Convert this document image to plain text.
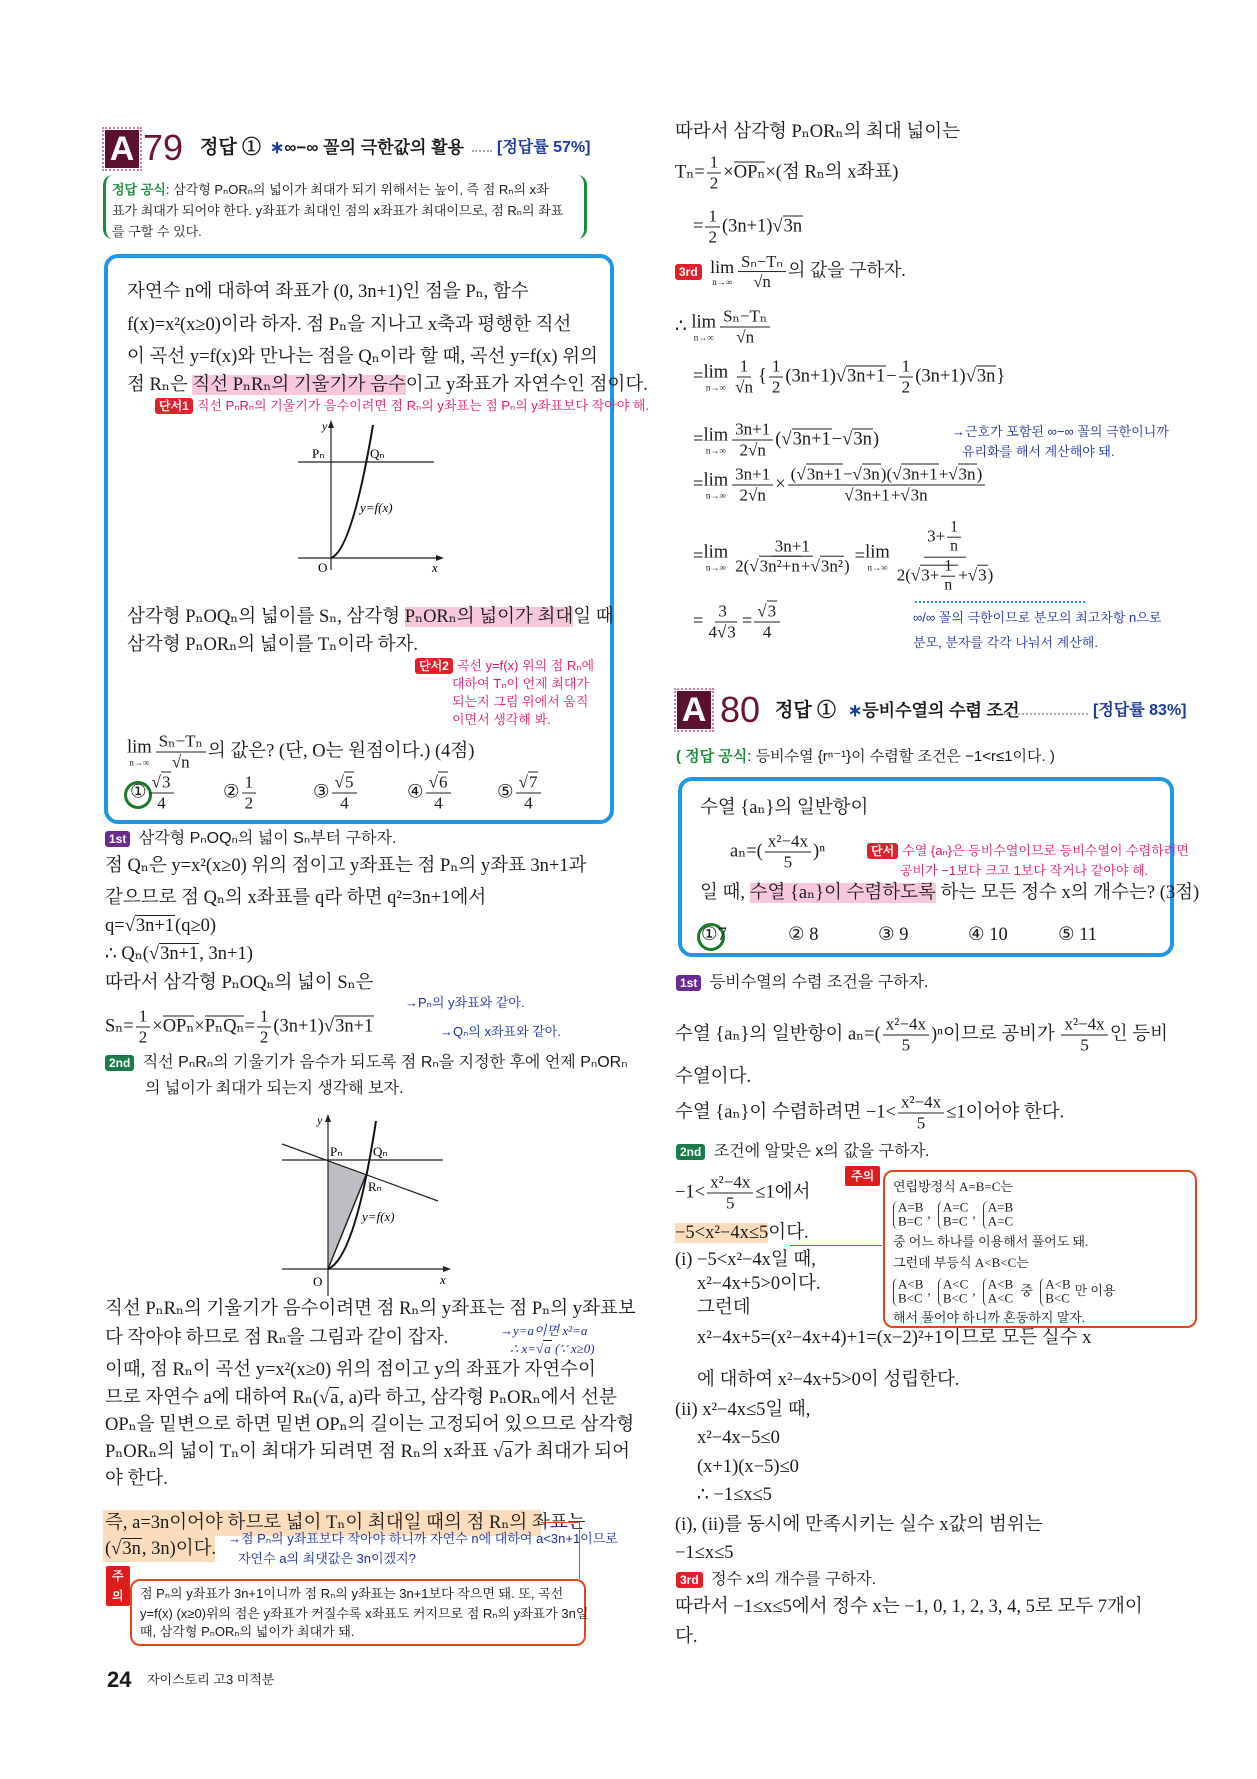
A 79 정답 ① ∗∞−∞ 꼴의 극한값의 활용 [정답률 57%]
정답 공식: 삼각형 PₙORₙ의 넓이가 최대가 되기 위해서는 높이, 즉 점 Rₙ의 x좌
표가 최대가 되어야 한다. y좌표가 최대인 점의 x좌표가 최대이므로, 점 Rₙ의 좌표
를 구할 수 있다.
자연수 n에 대하여 좌표가 (0, 3n+1)인 점을 Pₙ, 함수
f(x)=x²(x≥0)이라 하자. 점 Pₙ을 지나고 x축과 평행한 직선
이 곡선 y=f(x)와 만나는 점을 Qₙ이라 할 때, 곡선 y=f(x) 위의
점 Rₙ은 직선 PₙRₙ의 기울기가 음수이고 y좌표가 자연수인 점이다.
단서1 직선 PₙRₙ의 기울기가 음수이려면 점 Rₙ의 y좌표는 점 Pₙ의 y좌표보다 작아야 해.
y
Pₙ	Qₙ
y=f(x)
O	x
삼각형 PₙOQₙ의 넓이를 Sₙ, 삼각형 PₙORₙ의 넓이가 최대일 때
삼각형 PₙORₙ의 넓이를 Tₙ이라 하자.
단서2 곡선 y=f(x) 위의 점 Rₙ에
대하여 Tₙ이 언제 최대가
되는지 그림 위에서 움직
이면서 생각해 봐.
lim
$n\to\infty \frac{\text{Sₙ−Tₙ}}{√n}$ 의 값은? (단, O는 원점이다.) (4점)
① $\frac{√3}{4}$	② $\frac{1}{2}$	③ $\frac{√5}{4}$	④ $\frac{√6}{4}$ ⑤ $\frac{√7}{4}$
1st 삼각형 PₙOQₙ의 넓이 Sₙ부터 구하자.
점 Qₙ은 y=x²(x≥0) 위의 점이고 y좌표는 점 Pₙ의 y좌표 3n+1과
같으므로 점 Qₙ의 x좌표를 q라 하면 q²=3n+1에서
q=√3n+1(q≥0)
∴ Qₙ(√3n+1, 3n+1)
따라서 삼각형 PₙOQₙ의 넓이 Sₙ은
$S_n= \frac{1}{2} \times OP_n\times P_nQ_n= \frac{1}{2} (3n+1)√3n+1$
→Pₙ의 y좌표와 같아.
→Qₙ의 x좌표와 같아.
2nd 직선 PₙRₙ의 기울기가 음수가 되도록 점 Rₙ을 지정한 후에 언제 PₙORₙ
의 넓이가 최대가 되는지 생각해 보자.
y
Pₙ Qₙ
Rₙ
y=f(x)
O	x
직선 PₙRₙ의 기울기가 음수이려면 점 Rₙ의 y좌표는 점 Pₙ의 y좌표보
다 작아야 하므로 점 Rₙ을 그림과 같이 잡자.	→y=a이면 x²=a
∴ x=√a (∵ x≥0)
이때, 점 Rₙ이 곡선 y=x²(x≥0) 위의 점이고 y의 좌표가 자연수이
므로 자연수 a에 대하여 Rₙ(√a, a)라 하고, 삼각형 PₙORₙ에서 선분
OPₙ을 밑변으로 하면 밑변 OPₙ의 길이는 고정되어 있으므로 삼각형
PₙORₙ의 넓이 Tₙ이 최대가 되려면 점 Rₙ의 x좌표 √a가 최대가 되어
야 한다.
즉, a=3n이어야 하므로 넓이 Tₙ이 최대일 때의 점 Rₙ의 좌표는
(√3n, 3n)이다.
→점 Pₙ의 y좌표보다 작아야 하니까 자연수 n에 대하여 a<3n+1이므로
자연수 a의 최댓값은 3n이겠지?
주의	점 Pₙ의 y좌표가 3n+1이니까 점 Rₙ의 y좌표는 3n+1보다 작으면 돼. 또, 곡선
y=f(x) (x≥0)위의 점은 y좌표가 커질수록 x좌표도 커지므로 점 Rₙ의 y좌표가 3n일
때, 삼각형 PₙORₙ의 넓이가 최대가 돼.
24 자이스토리 고3 미적분
따라서 삼각형 PₙORₙ의 최대 넓이는
$T_n= \frac{1}{2} \times OP_n\times$(점 Rₙ의 x좌표)
= $\frac{1}{2} (3n+1)√3n$
3rd lim
$n\to\infty \frac{\text{Sₙ−Tₙ}}{√n}$ 의 값을 구하자.
∴ lim
$n\to\infty \frac{\text{Sₙ−Tₙ}}{√n}$
= lim
$n\to\infty \frac{1}{√n}$ { $\frac{1}{2} (3n+1)√3n+1- \frac{1}{2} (3n+1)√3n$}
= lim
$n\to\infty \frac{3n+1}{2√n} (√3n+1-√3n)$	→근호가 포함된 ∞−∞ 꼴의 극한이니까
유리화를 해서 계산해야 돼.
= lim
$n\to\infty \frac{3n+1}{2√n} \times \frac{(√3n+1-√3n)(√3n+1+√3n)}{√3n+1+√3n}$
= lim
$n\to\infty \frac{3n+1}{\text{2(√3n²+n+√3n²)}} = \lim$
$n\to\infty \frac{3+ \frac{1}{n}}{2(√3+ \frac{1}{n} +√3)}$
= $\frac{3}{4√3} = \frac{√3}{4}$	∞/∞ 꼴의 극한이므로 분모의 최고차항 n으로
분모, 분자를 각각 나눠서 계산해.
A 80 정답 ① ∗등비수열의 수렴 조건	[정답률 83%]
( 정답 공식: 등비수열 {rⁿ⁻¹}이 수렴할 조건은 −1<r≤1이다. )
수열 {aₙ}의 일반항이
$a_n=( \frac{\text{x²−4x}}{5} )^n$	단서 수열 {aₙ}은 등비수열이므로 등비수열이 수렴하려면
공비가 −1보다 크고 1보다 작거나 같아야 해.
일 때, 수열 {aₙ}이 수렴하도록 하는 모든 정수 x의 개수는? (3점)
①7	② 8	③ 9	④ 10	⑤ 11
1st 등비수열의 수렴 조건을 구하자.
수열 {aₙ}의 일반항이 $a_n=( \frac{\text{x²−4x}}{5} )^n$이므로 공비가 $\frac{\text{x²−4x}}{5}$ 인 등비
수열이다.
수열 {aₙ}이 수렴하려면 $-1< \frac{\text{x²−4x}}{5} \le 1$이어야 한다.
2nd 조건에 알맞은 x의 값을 구하자.
$-1< \frac{\text{x²−4x}}{5} \le 1$에서
−5<x²−4x≤5이다.
(i) −5<x²−4x일 때,
x²−4x+5>0이다.
그런데
x²−4x+5=(x²−4x+4)+1=(x−2)²+1이므로 모든 실수 x
에 대하여 x²−4x+5>0이 성립한다.
(ii) x²−4x≤5일 때,
x²−4x−5≤0
(x+1)(x−5)≤0
∴ −1≤x≤5
(i), (ii)를 동시에 만족시키는 실수 x값의 범위는
−1≤x≤5
3rd 정수 x의 개수를 구하자.
따라서 −1≤x≤5에서 정수 x는 −1, 0, 1, 2, 3, 4, 5로 모두 7개이
다.
주의
연립방정식 A=B=C는
A=B
B=C
, A=C
B=C
, A=B
A=C
중 어느 하나를 이용해서 풀어도 돼.
그런데 부등식 A<B<C는
A<B
B<C
, A<C
B<C
, A<B
A<C
중 A<B
B<C
만 이용
해서 풀어야 하니까 혼동하지 말자.
